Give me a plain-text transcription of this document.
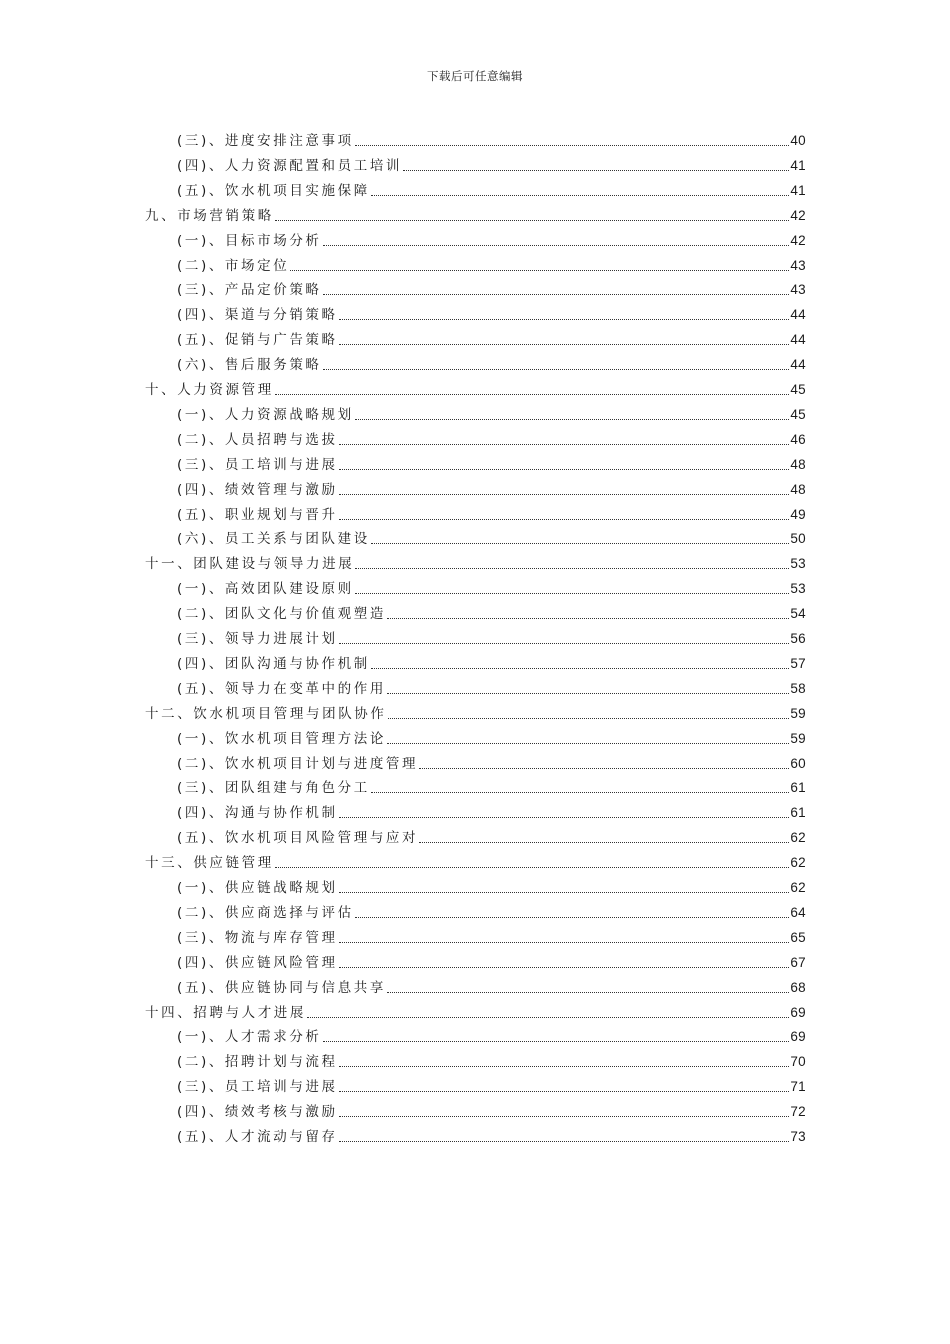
下载后可任意编辑
(三)、进度安排注意事项	40
(四)、人力资源配置和员工培训	41
(五)、饮水机项目实施保障	41
九、市场营销策略	42
(一)、目标市场分析	42
(二)、市场定位	43
(三)、产品定价策略	43
(四)、渠道与分销策略	44
(五)、促销与广告策略	44
(六)、售后服务策略	44
十、人力资源管理	45
(一)、人力资源战略规划	45
(二)、人员招聘与选拔	46
(三)、员工培训与进展	48
(四)、绩效管理与激励	48
(五)、职业规划与晋升	49
(六)、员工关系与团队建设	50
十一、团队建设与领导力进展	53
(一)、高效团队建设原则	53
(二)、团队文化与价值观塑造	54
(三)、领导力进展计划	56
(四)、团队沟通与协作机制	57
(五)、领导力在变革中的作用	58
十二、饮水机项目管理与团队协作	59
(一)、饮水机项目管理方法论	59
(二)、饮水机项目计划与进度管理	60
(三)、团队组建与角色分工	61
(四)、沟通与协作机制	61
(五)、饮水机项目风险管理与应对	62
十三、供应链管理	62
(一)、供应链战略规划	62
(二)、供应商选择与评估	64
(三)、物流与库存管理	65
(四)、供应链风险管理	67
(五)、供应链协同与信息共享	68
十四、招聘与人才进展	69
(一)、人才需求分析	69
(二)、招聘计划与流程	70
(三)、员工培训与进展	71
(四)、绩效考核与激励	72
(五)、人才流动与留存	73
